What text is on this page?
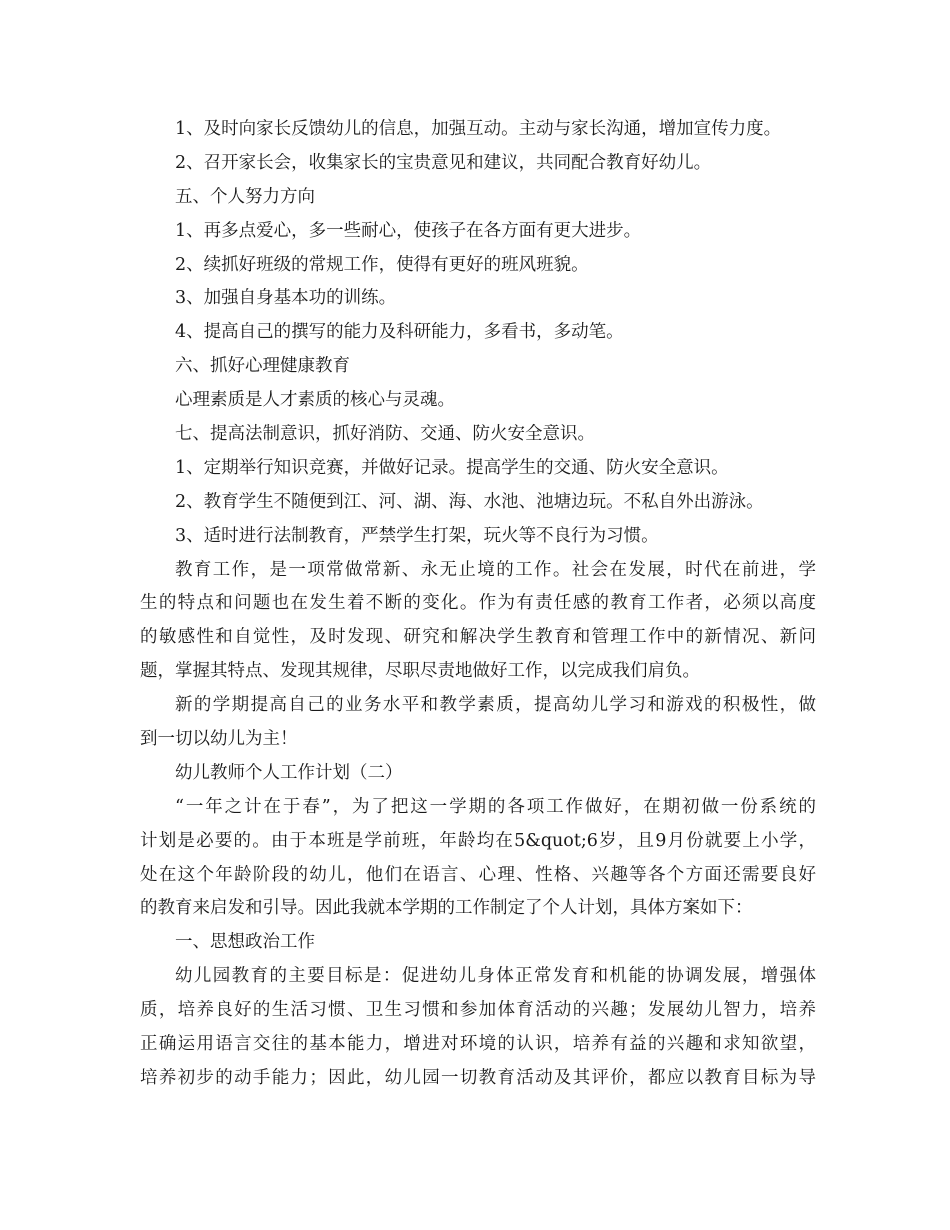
1、及时向家长反馈幼儿的信息，加强互动。主动与家长沟通，增加宣传力度。
2、召开家长会，收集家长的宝贵意见和建议，共同配合教育好幼儿。
五、个人努力方向
1、再多点爱心，多一些耐心，使孩子在各方面有更大进步。
2、续抓好班级的常规工作，使得有更好的班风班貌。
3、加强自身基本功的训练。
4、提高自己的撰写的能力及科研能力，多看书，多动笔。
六、抓好心理健康教育
心理素质是人才素质的核心与灵魂。
七、提高法制意识，抓好消防、交通、防火安全意识。
1、定期举行知识竞赛，并做好记录。提高学生的交通、防火安全意识。
2、教育学生不随便到江、河、湖、海、水池、池塘边玩。不私自外出游泳。
3、适时进行法制教育，严禁学生打架，玩火等不良行为习惯。
教育工作，是一项常做常新、永无止境的工作。社会在发展，时代在前进，学
生的特点和问题也在发生着不断的变化。作为有责任感的教育工作者，必须以高度
的敏感性和自觉性，及时发现、研究和解决学生教育和管理工作中的新情况、新问
题，掌握其特点、发现其规律，尽职尽责地做好工作，以完成我们肩负。
新的学期提高自己的业务水平和教学素质，提高幼儿学习和游戏的积极性，做
到一切以幼儿为主！
幼儿教师个人工作计划（二）
“一年之计在于春”，为了把这一学期的各项工作做好，在期初做一份系统的
计划是必要的。由于本班是学前班，年龄均在5&quot;6岁，且9月份就要上小学，
处在这个年龄阶段的幼儿，他们在语言、心理、性格、兴趣等各个方面还需要良好
的教育来启发和引导。因此我就本学期的工作制定了个人计划，具体方案如下：
一、思想政治工作
幼儿园教育的主要目标是：促进幼儿身体正常发育和机能的协调发展，增强体
质，培养良好的生活习惯、卫生习惯和参加体育活动的兴趣；发展幼儿智力，培养
正确运用语言交往的基本能力，增进对环境的认识，培养有益的兴趣和求知欲望，
培养初步的动手能力；因此，幼儿园一切教育活动及其评价，都应以教育目标为导
